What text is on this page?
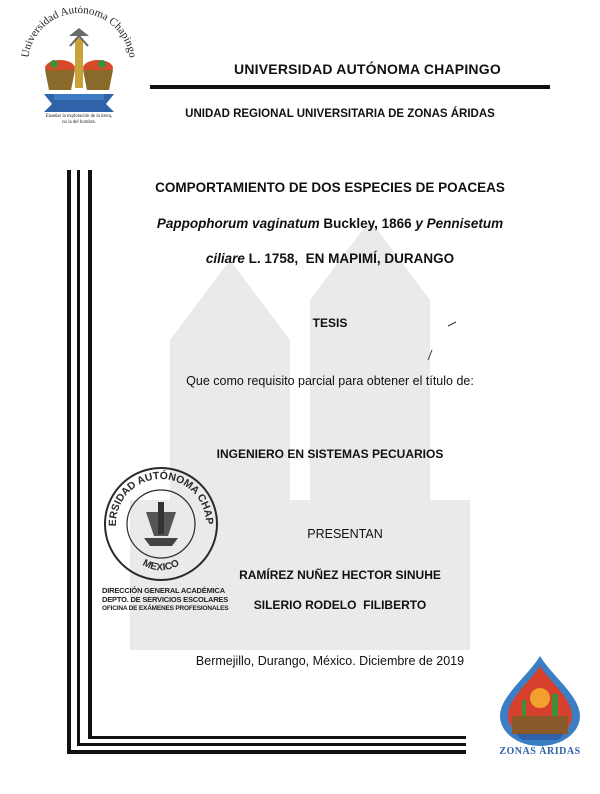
Universidad Autónoma Chapingo
Enseñar la explotación de la tierra,
no la del hombre.
UNIVERSIDAD AUTÓNOMA CHAPINGO
UNIDAD REGIONAL UNIVERSITARIA DE ZONAS ÁRIDAS
COMPORTAMIENTO DE DOS ESPECIES DE POACEAS
Pappophorum vaginatum Buckley, 1866 y Pennisetum
ciliare L. 1758,  EN MAPIMÍ, DURANGO
TESIS
Que como requisito parcial para obtener el título de:
INGENIERO EN SISTEMAS PECUARIOS
ERSIDAD AUTÓNOMA CHAP
MEXICO
DIRECCIÓN GENERAL ACADÉMICA
DEPTO. DE SERVICIOS ESCOLARES
OFICINA DE EXÁMENES PROFESIONALES
PRESENTAN
RAMÍREZ NUÑEZ HECTOR SINUHE
SILERIO RODELO  FILIBERTO
Bermejillo, Durango, México. Diciembre de 2019
ZONAS ÁRIDAS
